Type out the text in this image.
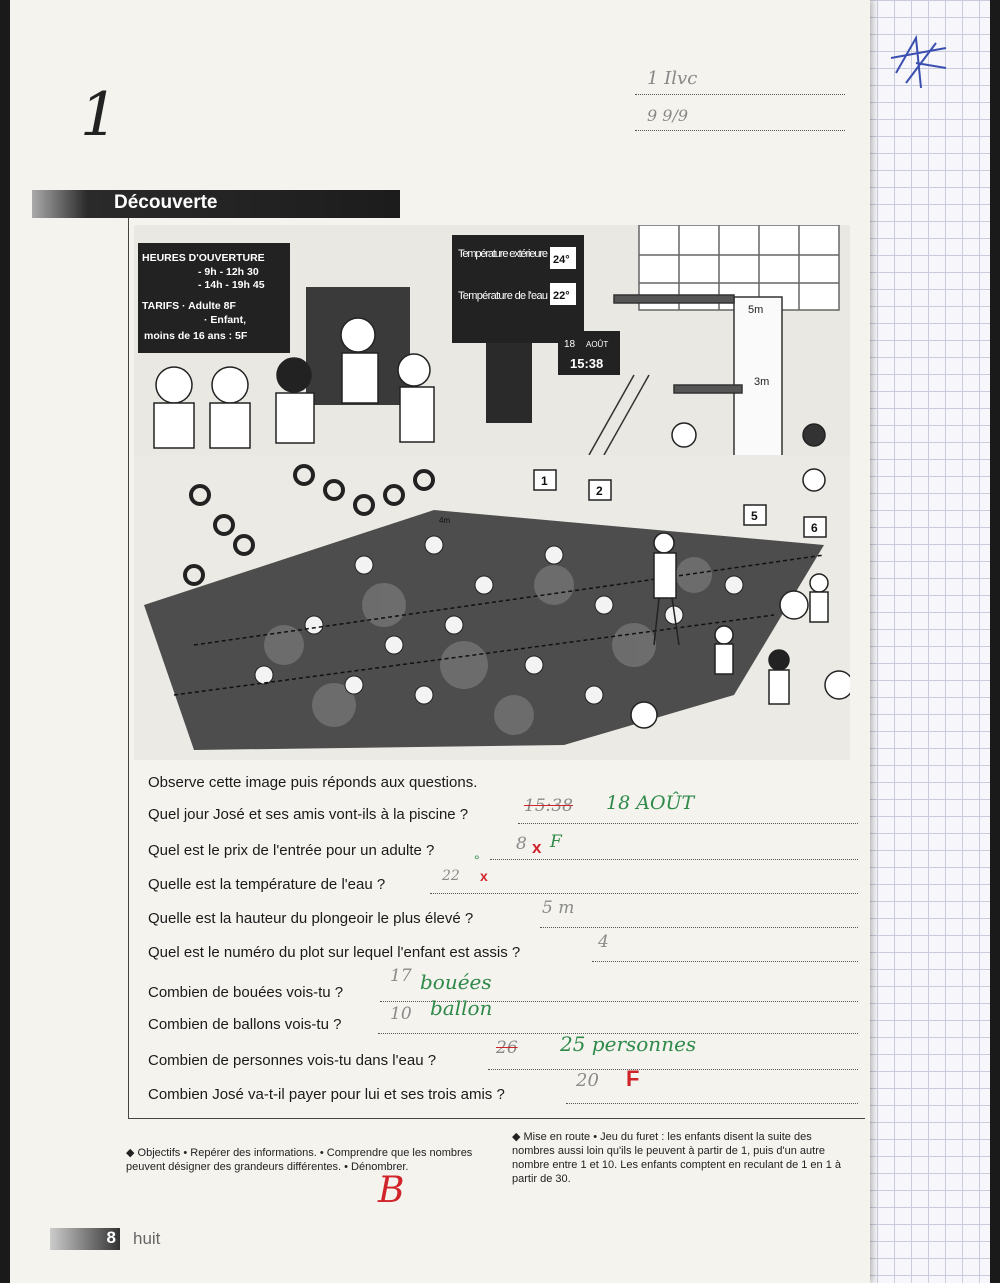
1
1 Ilvc
9 9/9
Découverte
HEURES D'OUVERTURE
- 9h - 12h 30
- 14h - 19h 45
TARIFS · Adulte 8F
· Enfant,
moins de 16 ans : 5F
Température extérieure 24°
Température de l'eau 22°
18 AOÛT
15:38
5m
3m
1
2
5
6
4m
Observe cette image puis réponds aux questions.
Quel jour José et ses amis vont-ils à la piscine ?	15:38 18 AOÛT
Quel est le prix de l'entrée pour un adulte ?	8 x F
Quelle est la température de l'eau ?	22 x
°
Quelle est la hauteur du plongeoir le plus élevé ?
5 m
Quel est le numéro du plot sur lequel l'enfant est assis ?
4
Combien de bouées vois-tu ?
17 bouées
Combien de ballons vois-tu ?
10 ballon
Combien de personnes vois-tu dans l'eau ?
26 25 personnes
Combien José va-t-il payer pour lui et ses trois amis ?
20 F
◆ Objectifs • Repérer des informations. • Comprendre que les nombres peuvent désigner des grandeurs différentes. • Dénombrer.
◆ Mise en route • Jeu du furet : les enfants disent la suite des nombres aussi loin qu'ils le peuvent à partir de 1, puis d'un autre nombre entre 1 et 10. Les enfants comptent en reculant de 1 en 1 à partir de 30.
B
8 huit
